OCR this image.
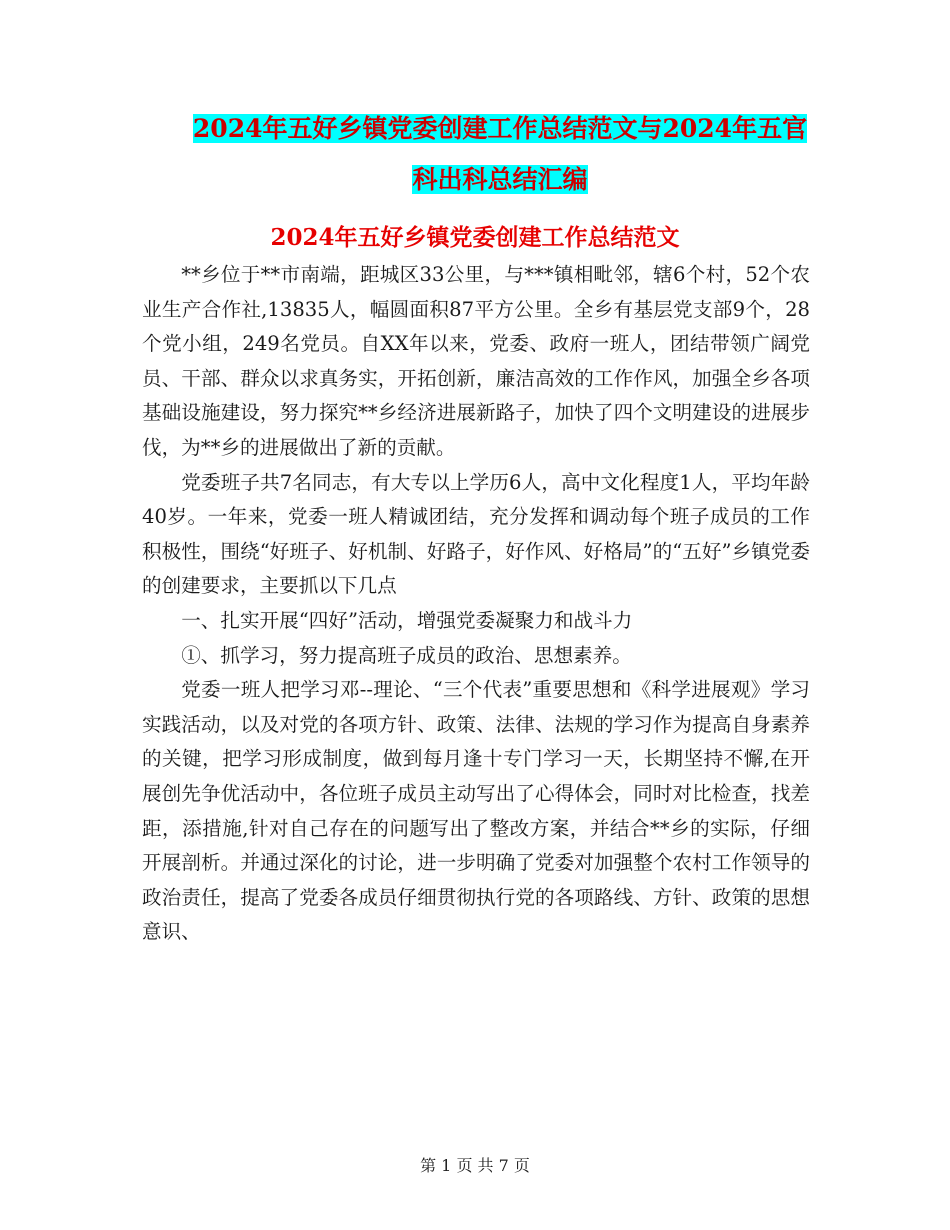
2024年五好乡镇党委创建工作总结范文与2024年五官
科出科总结汇编
2024年五好乡镇党委创建工作总结范文

**乡位于**市南端，距城区33公里，与***镇相毗邻，辖6个村，52个农业生产合作社,13835人，幅圆面积87平方公里。全乡有基层党支部9个，28个党小组，249名党员。自XX年以来，党委、政府一班人，团结带领广阔党员、干部、群众以求真务实，开拓创新，廉洁高效的工作作风，加强全乡各项基础设施建设，努力探究**乡经济进展新路子，加快了四个文明建设的进展步伐，为**乡的进展做出了新的贡献。

党委班子共7名同志，有大专以上学历6人，高中文化程度1人，平均年龄40岁。一年来，党委一班人精诚团结，充分发挥和调动每个班子成员的工作积极性，围绕“好班子、好机制、好路子，好作风、好格局”的“五好”乡镇党委的创建要求，主要抓以下几点

一、扎实开展“四好”活动，增强党委凝聚力和战斗力

①、抓学习，努力提高班子成员的政治、思想素养。

党委一班人把学习邓--理论、“三个代表”重要思想和《科学进展观》学习实践活动，以及对党的各项方针、政策、法律、法规的学习作为提高自身素养的关键，把学习形成制度，做到每月逢十专门学习一天，长期坚持不懈,在开展创先争优活动中，各位班子成员主动写出了心得体会，同时对比检查，找差距，添措施,针对自己存在的问题写出了整改方案，并结合**乡的实际，仔细开展剖析。并通过深化的讨论，进一步明确了党委对加强整个农村工作领导的政治责任，提高了党委各成员仔细贯彻执行党的各项路线、方针、政策的思想意识、

第 1 页 共 7 页
